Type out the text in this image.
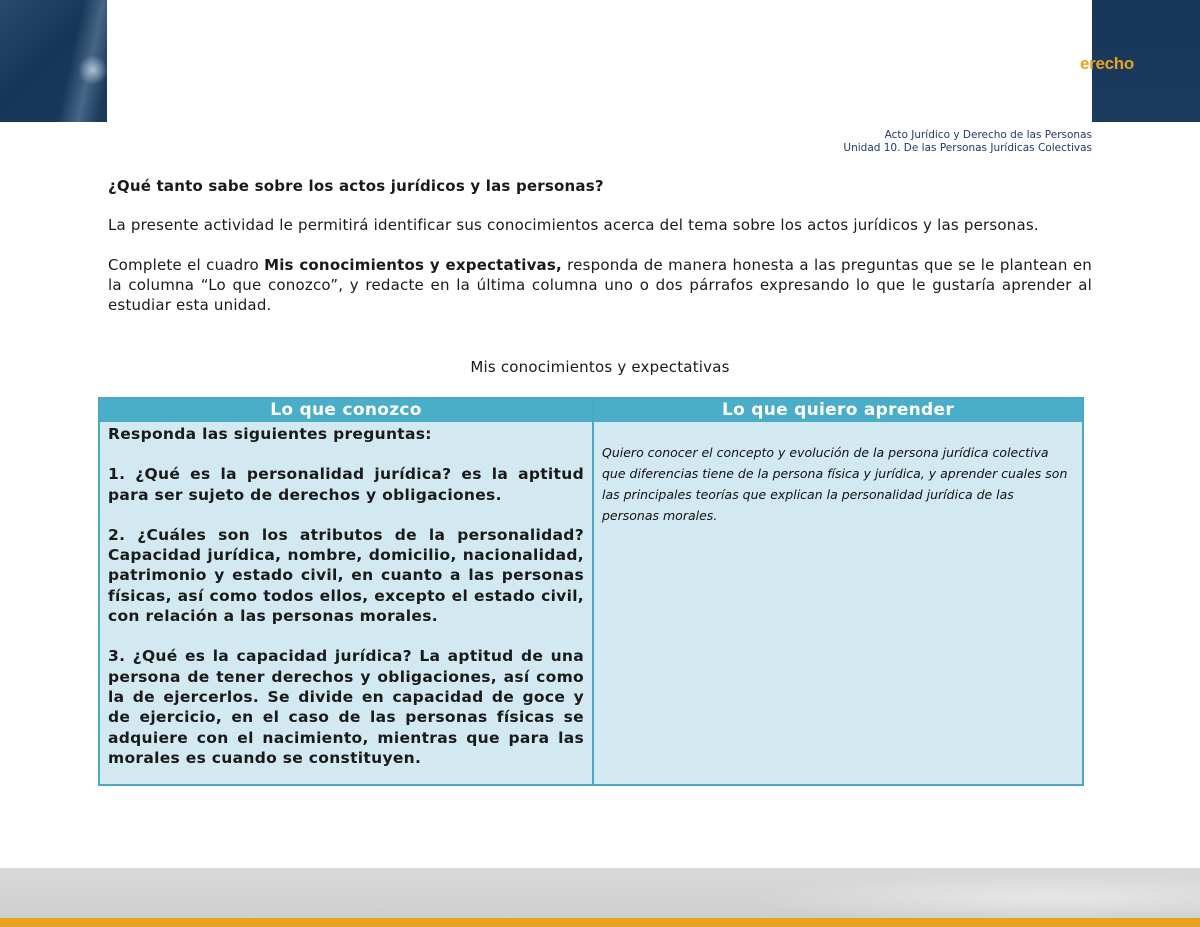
erecho
Acto Jurídico y Derecho de las Personas
Unidad 10. De las Personas Jurídicas Colectivas
¿Qué tanto sabe sobre los actos jurídicos y las personas?

La presente actividad le permitirá identificar sus conocimientos acerca del tema sobre los actos jurídicos y las personas.

Complete el cuadro Mis conocimientos y expectativas, responda de manera honesta a las preguntas que se le plantean en la columna “Lo que conozco”, y redacte en la última columna uno o dos párrafos expresando lo que le gustaría aprender al estudiar esta unidad.

Mis conocimientos y expectativas
Lo que conozco	Lo que quiero aprender
Responda las siguientes preguntas:
1. ¿Qué es la personalidad jurídica? es la aptitud para ser sujeto de derechos y obligaciones.
2. ¿Cuáles son los atributos de la personalidad? Capacidad jurídica, nombre, domicilio, nacionalidad, patrimonio y estado civil, en cuanto a las personas físicas, así como todos ellos, excepto el estado civil, con relación a las personas morales.
3. ¿Qué es la capacidad jurídica? La aptitud de una persona de tener derechos y obligaciones, así como la de ejercerlos. Se divide en capacidad de goce y de ejercicio, en el caso de las personas físicas se adquiere con el nacimiento, mientras que para las morales es cuando se constituyen.
Quiero conocer el concepto y evolución de la persona jurídica colectiva que diferencias tiene de la persona física y jurídica, y aprender cuales son las principales teorías que explican la personalidad jurídica de las personas morales.
